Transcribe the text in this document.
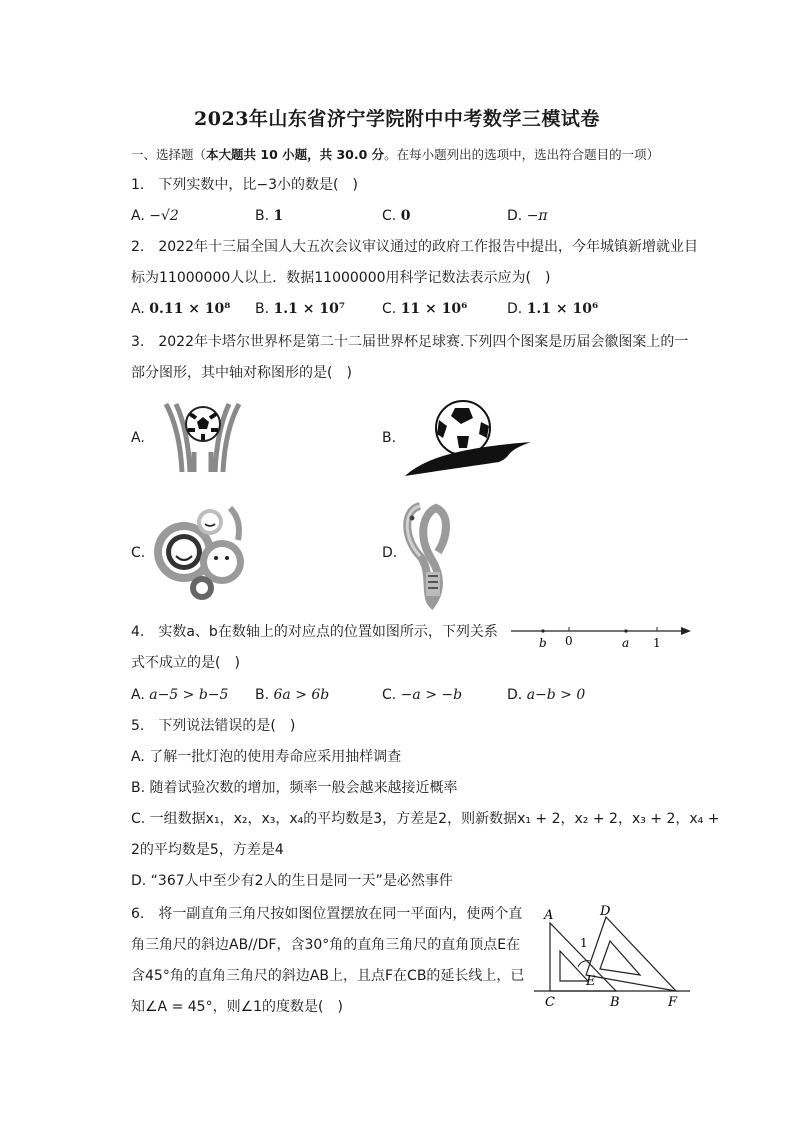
2023年山东省济宁学院附中中考数学三模试卷
一、选择题（本大题共 10 小题，共 30.0 分。在每小题列出的选项中，选出符合题目的一项）
1.　下列实数中，比−3小的数是(　)
A. −√2	B. 1	C. 0	D. −π
2.　2022年十三届全国人大五次会议审议通过的政府工作报告中提出，今年城镇新增就业目
标为11000000人以上．数据11000000用科学记数法表示应为(　)
A. 0.11 × 10⁸ B. 1.1 × 10⁷	C. 11 × 10⁶	D. 1.1 × 10⁶
3.　2022年卡塔尔世界杯是第二十二届世界杯足球赛.下列四个图案是历届会徽图案上的一
部分图形，其中轴对称图形的是(　)
A.	B.
C.	D.
4.　实数a、b在数轴上的对应点的位置如图所示，下列关系
式不成立的是(　)
b 0	a 1
A. a−5 > b−5 B. 6a > 6b	C. −a > −b	D. a−b > 0
5.　下列说法错误的是(　)
A. 了解一批灯泡的使用寿命应采用抽样调查
B. 随着试验次数的增加，频率一般会越来越接近概率
C. 一组数据x₁，x₂，x₃，x₄的平均数是3，方差是2，则新数据x₁ + 2，x₂ + 2，x₃ + 2，x₄ +
2的平均数是5，方差是4
D. “367人中至少有2人的生日是同一天”是必然事件
6.　将一副直角三角尺按如图位置摆放在同一平面内，使两个直
角三角尺的斜边AB//DF，含30°角的直角三角尺的直角顶点E在
含45°角的直角三角尺的斜边AB上，且点F在CB的延长线上，已
知∠A = 45°，则∠1的度数是(　)
A	D
1
E
C	B	F
